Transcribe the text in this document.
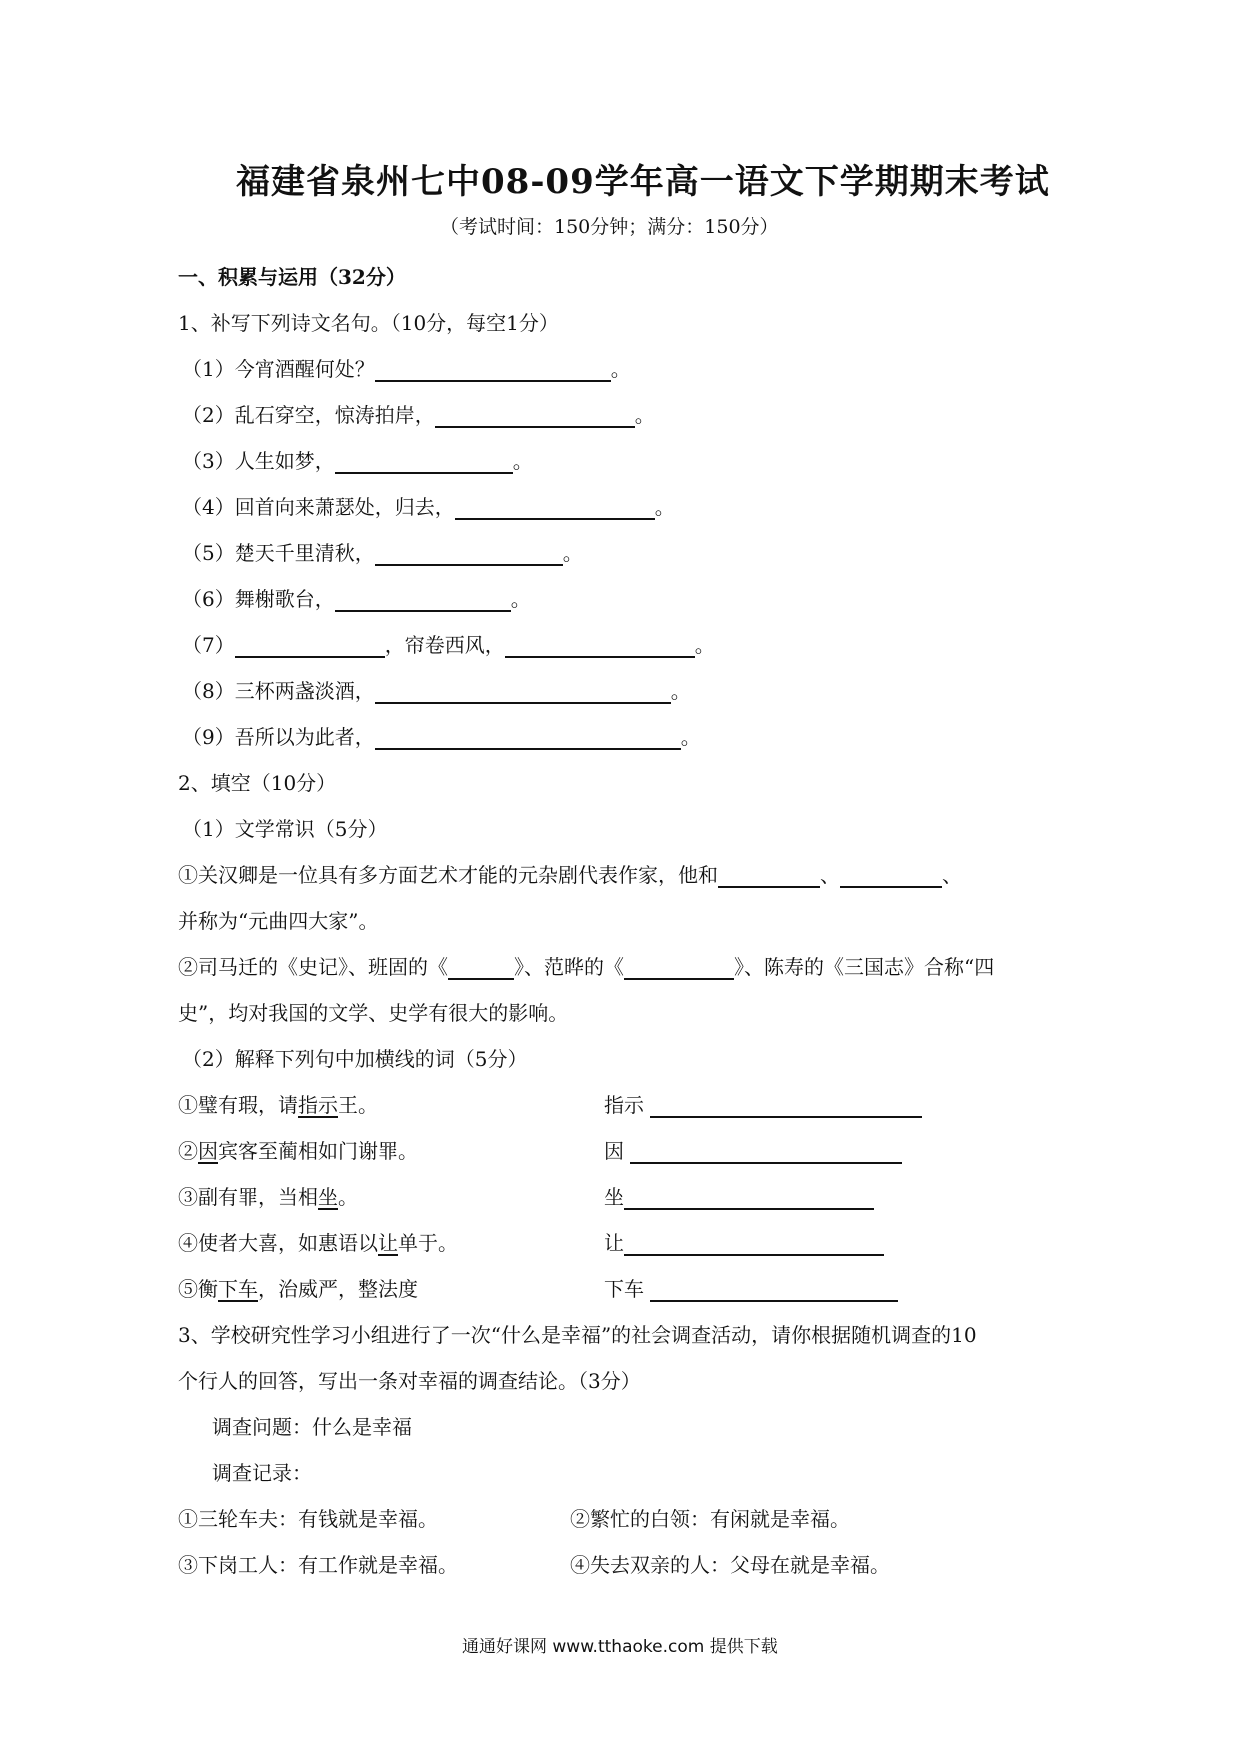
福建省泉州七中08-09学年高一语文下学期期末考试
（考试时间：150分钟；满分：150分）
一、积累与运用（32分）
1、补写下列诗文名句。（10分，每空1分）
（1）今宵酒醒何处？	。
（2）乱石穿空，惊涛拍岸，	。
（3）人生如梦，	。
（4）回首向来萧瑟处，归去，	。
（5）楚天千里清秋，	。
（6）舞榭歌台，	。
（7）	，帘卷西风，	。
（8）三杯两盏淡酒，	。
（9）吾所以为此者，	。
2、填空（10分）
（1）文学常识（5分）
①关汉卿是一位具有多方面艺术才能的元杂剧代表作家，他和	、	、
并称为“元曲四大家”。
②司马迁的《史记》、班固的《	》、范晔的《	》、陈寿的《三国志》合称“四
史”，均对我国的文学、史学有很大的影响。
（2）解释下列句中加横线的词（5分）
①璧有瑕，请指示王。	指示
②因宾客至蔺相如门谢罪。	因
③副有罪，当相坐。	坐
④使者大喜，如惠语以让单于。	让
⑤衡下车，治威严，整法度	下车
3、学校研究性学习小组进行了一次“什么是幸福”的社会调查活动，请你根据随机调查的10
个行人的回答，写出一条对幸福的调查结论。（3分）
调查问题：什么是幸福
调查记录：
①三轮车夫：有钱就是幸福。	②繁忙的白领：有闲就是幸福。
③下岗工人：有工作就是幸福。	④失去双亲的人：父母在就是幸福。
通通好课网 www.tthaoke.com 提供下载
